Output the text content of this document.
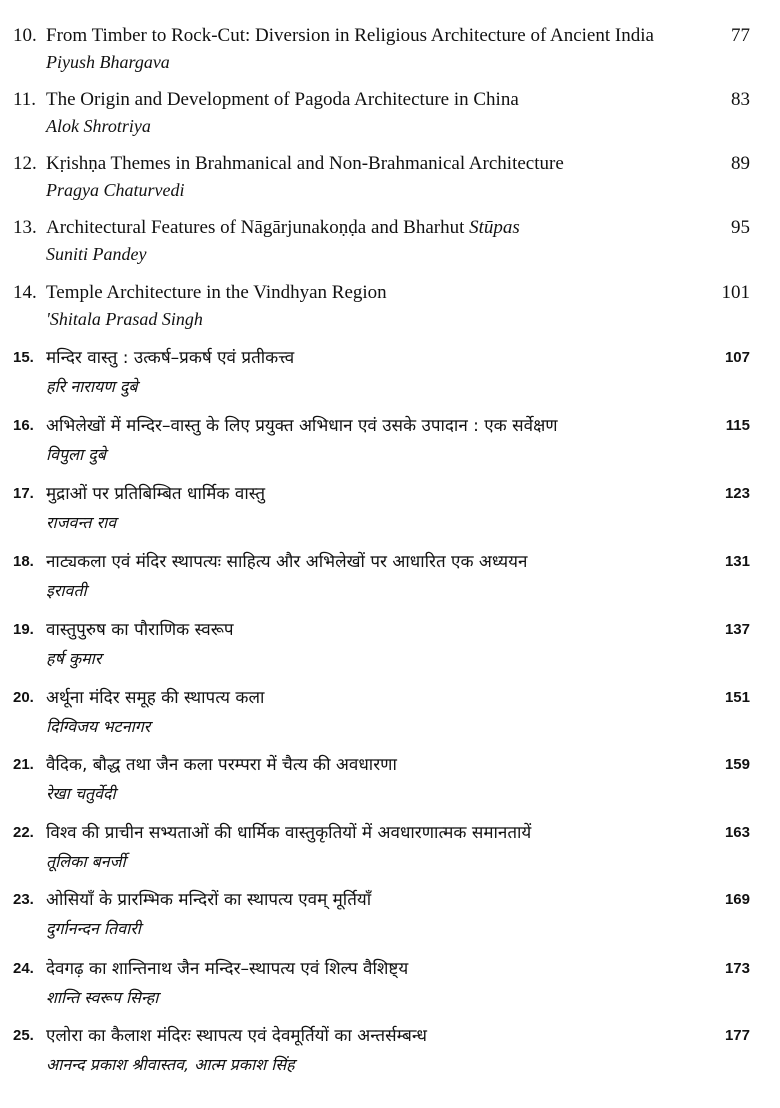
10. From Timber to Rock-Cut: Diversion in Religious Architecture of Ancient India	77
Piyush Bhargava
11. The Origin and Development of Pagoda Architecture in China	83
Alok Shrotriya
12. Kṛishṇa Themes in Brahmanical and Non-Brahmanical Architecture	89
Pragya Chaturvedi
13. Architectural Features of Nāgārjunakoṇḍa and Bharhut Stūpas	95
Suniti Pandey
14. Temple Architecture in the Vindhyan Region	101
'Shitala Prasad Singh
15. मन्दिर वास्तु : उत्कर्ष–प्रकर्ष एवं प्रतीकत्त्व	107
हरि नारायण दुबे
16. अभिलेखों में मन्दिर–वास्तु के लिए प्रयुक्त अभिधान एवं उसके उपादान : एक सर्वेक्षण	115
विपुला दुबे
17. मुद्राओं पर प्रतिबिम्बित धार्मिक वास्तु	123
राजवन्त राव
18. नाट्यकला एवं मंदिर स्थापत्यः साहित्य और अभिलेखों पर आधारित एक अध्ययन	131
इरावती
19. वास्तुपुरुष का पौराणिक स्वरूप	137
हर्ष कुमार
20. अर्थूना मंदिर समूह की स्थापत्य कला	151
दिग्विजय भटनागर
21. वैदिक, बौद्ध तथा जैन कला परम्परा में चैत्य की अवधारणा	159
रेखा चतुर्वेदी
22. विश्व की प्राचीन सभ्यताओं की धार्मिक वास्तुकृतियों में अवधारणात्मक समानतायें	163
तूलिका बनर्जी
23. ओसियाँ के प्रारम्भिक मन्दिरों का स्थापत्य एवम् मूर्तियाँ	169
दुर्गानन्दन तिवारी
24. देवगढ़ का शान्तिनाथ जैन मन्दिर–स्थापत्य एवं शिल्प वैशिष्ट्य	173
शान्ति स्वरूप सिन्हा
25. एलोरा का कैलाश मंदिरः स्थापत्य एवं देवमूर्तियों का अन्तर्सम्बन्ध	177
आनन्द प्रकाश श्रीवास्तव, आत्म प्रकाश सिंह
